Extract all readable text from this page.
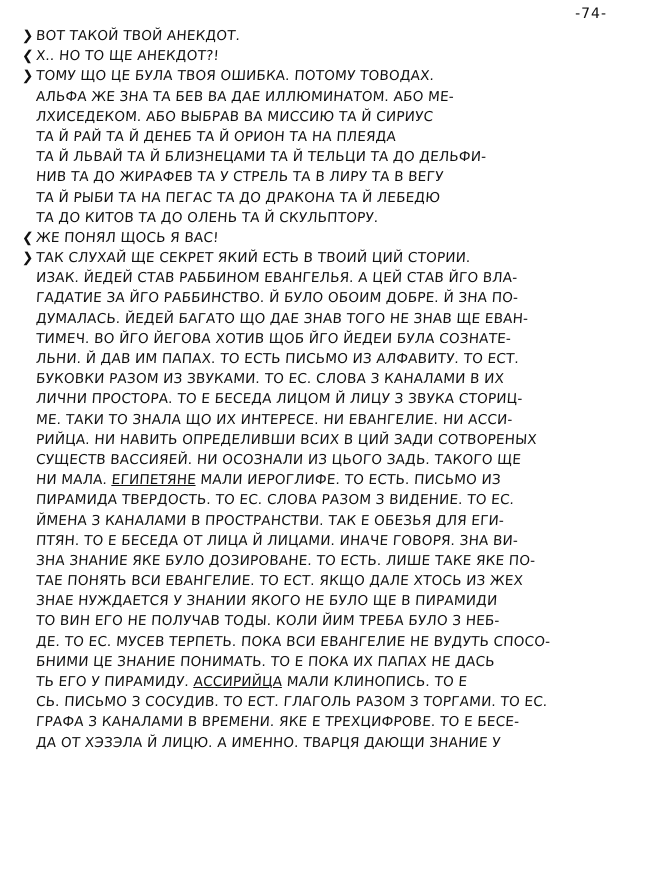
-74-
❯ВОТ ТАКОЙ ТВОЙ АНЕКДОТ.
❮Х.. НО ТО ЩЕ АНЕКДОТ?!
❯ТОМУ ЩО ЦЕ БУЛА ТВОЯ ОШИБКА. ПОТОМУ ТОВОДАХ.
АЛЬФА ЖЕ ЗНА ТА БЕВ ВА ДАЕ ИЛЛЮМИНАТОМ. АБО МЕ-
ЛХИСЕДЕКОМ. АБО ВЫБРАВ ВА МИССИЮ ТА Й СИРИУС
ТА Й РАЙ ТА Й ДЕНЕБ ТА Й ОРИОН ТА НА ПЛЕЯДА
ТА Й ЛЬВАЙ ТА Й БЛИЗНЕЦАМИ ТА Й ТЕЛЬЦИ ТА ДО ДЕЛЬФИ-
НИВ ТА ДО ЖИРАФЕВ ТА У СТРЕЛЬ ТА В ЛИРУ ТА В ВЕГУ
ТА Й РЫБИ ТА НА ПЕГАС ТА ДО ДРАКОНА ТА Й ЛЕБЕДЮ
ТА ДО КИТОВ ТА ДО ОЛЕНЬ ТА Й СКУЛЬПТОРУ.
❮ЖЕ ПОНЯЛ ЩОСЬ Я ВАС!
❯ТАК СЛУХАЙ ЩЕ СЕКРЕТ ЯКИЙ ЕСТЬ В ТВОИЙ ЦИЙ СТОРИИ.
ИЗАК. ЙЕДЕЙ СТАВ РАББИНОМ ЕВАНГЕЛЬЯ. А ЦЕЙ СТАВ ЙГО ВЛА-
ГАДАТИЕ ЗА ЙГО РАББИНСТВО. Й БУЛО ОБОИМ ДОБРЕ. Й ЗНА ПО-
ДУМАЛАСЬ. ЙЕДЕЙ БАГАТО ЩО ДАЕ ЗНАВ ТОГО НЕ ЗНАВ ЩЕ ЕВАН-
ТИМЕЧ. ВО ЙГО ЙЕГОВА ХОТИВ ЩОБ ЙГО ЙЕДЕИ БУЛА СОЗНАТЕ-
ЛЬНИ. Й ДАВ ИМ ПАПАХ. ТО ЕСТЬ ПИСЬМО ИЗ АЛФАВИТУ. ТО ЕСТ.
БУКОВКИ РАЗОМ ИЗ ЗВУКАМИ. ТО ЕС. СЛОВА З КАНАЛАМИ В ИХ
ЛИЧНИ ПРОСТОРА. ТО Е БЕСЕДА ЛИЦОМ Й ЛИЦУ З ЗВУКА СТОРИЦ-
МЕ. ТАКИ ТО ЗНАЛА ЩО ИХ ИНТЕРЕСЕ. НИ ЕВАНГЕЛИЕ. НИ АССИ-
РИЙЦА. НИ НАВИТЬ ОПРЕДЕЛИВШИ ВСИХ В ЦИЙ ЗАДИ СОТВОРЕНЫХ
СУЩЕСТВ ВАССИЯЕЙ. НИ ОСОЗНАЛИ ИЗ ЦЬОГО ЗАДЬ. ТАКОГО ЩЕ
НИ МАЛА. ЕГИПЕТЯНЕ МАЛИ ИЕРОГЛИФЕ. ТО ЕСТЬ. ПИСЬМО ИЗ
ПИРАМИДА ТВЕРДОСТЬ. ТО ЕС. СЛОВА РАЗОМ З ВИДЕНИЕ. ТО ЕС.
ЙМЕНА З КАНАЛАМИ В ПРОСТРАНСТВИ. ТАК Е ОБЕЗЬЯ ДЛЯ ЕГИ-
ПТЯН. ТО Е БЕСЕДА ОТ ЛИЦА Й ЛИЦАМИ. ИНАЧЕ ГОВОРЯ. ЗНА ВИ-
ЗНА ЗНАНИЕ ЯКЕ БУЛО ДОЗИРОВАНЕ. ТО ЕСТЬ. ЛИШЕ ТАКЕ ЯКЕ ПО-
ТАЕ ПОНЯТЬ ВСИ ЕВАНГЕЛИЕ. ТО ЕСТ. ЯКЩО ДАЛЕ ХТОСЬ ИЗ ЖЕХ
ЗНАЕ НУЖДАЕТСЯ У ЗНАНИИ ЯКОГО НЕ БУЛО ЩЕ В ПИРАМИДИ
ТО ВИН ЕГО НЕ ПОЛУЧАВ ТОДЫ. КОЛИ ЙИМ ТРЕБА БУЛО З НЕБ-
ДЕ. ТО ЕС. МУСЕВ ТЕРПЕТЬ. ПОКА ВСИ ЕВАНГЕЛИЕ НЕ ВУДУТЬ СПОСО-
БНИМИ ЦЕ ЗНАНИЕ ПОНИМАТЬ. ТО Е ПОКА ИХ ПАПАХ НЕ ДАСЬ
ТЬ ЕГО У ПИРАМИДУ. АССИРИЙЦА МАЛИ КЛИНОПИСЬ. ТО Е
СЬ. ПИСЬМО З СОСУДИВ. ТО ЕСТ. ГЛАГОЛЬ РАЗОМ З ТОРГАМИ. ТО ЕС.
ГРАФА З КАНАЛАМИ В ВРЕМЕНИ. ЯКЕ Е ТРЕХЦИФРОВЕ. ТО Е БЕСЕ-
ДА ОТ ХЭЗЭЛА Й ЛИЦЮ. А ИМЕННО. ТВАРЦЯ ДАЮЩИ ЗНАНИЕ У
